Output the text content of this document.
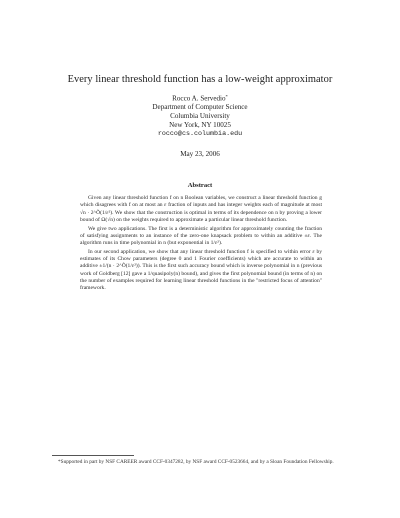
Every linear threshold function has a low-weight approximator
Rocco A. Servedio*
Department of Computer Science
Columbia University
New York, NY 10025
rocco@cs.columbia.edu
May 23, 2006
Abstract

Given any linear threshold function f on n Boolean variables, we construct a linear threshold function g which disagrees with f on at most an ε fraction of inputs and has integer weights each of magnitude at most √n · 2^Õ(1/ε²). We show that the construction is optimal in terms of its dependence on n by proving a lower bound of Ω(√n) on the weights required to approximate a particular linear threshold function.

We give two applications. The first is a deterministic algorithm for approximately counting the fraction of satisfying assignments to an instance of the zero-one knapsack problem to within an additive ±ε. The algorithm runs in time polynomial in n (but exponential in 1/ε²).

In our second application, we show that any linear threshold function f is specified to within error ε by estimates of its Chow parameters (degree 0 and 1 Fourier coefficients) which are accurate to within an additive ±1/(n · 2^Õ(1/ε²)). This is the first such accuracy bound which is inverse polynomial in n (previous work of Goldberg [12] gave a 1/quasipoly(n) bound), and gives the first polynomial bound (in terms of n) on the number of examples required for learning linear threshold functions in the "restricted focus of attention" framework.

*Supported in part by NSF CAREER award CCF-0347282, by NSF award CCF-0523664, and by a Sloan Foundation Fellowship.
